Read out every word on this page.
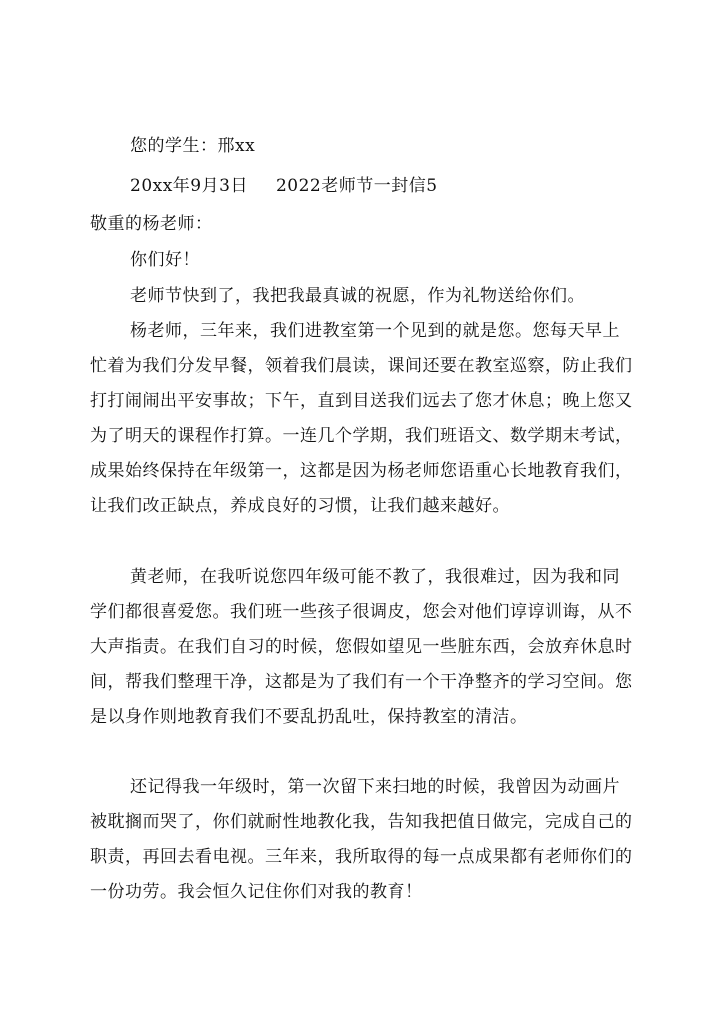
您的学生：邢xx
20xx年9月3日 2022老师节一封信5
敬重的杨老师：
你们好！
老师节快到了，我把我最真诚的祝愿，作为礼物送给你们。
杨老师，三年来，我们进教室第一个见到的就是您。您每天早上忙着为我们分发早餐，领着我们晨读，课间还要在教室巡察，防止我们打打闹闹出平安事故；下午，直到目送我们远去了您才休息；晚上您又为了明天的课程作打算。一连几个学期，我们班语文、数学期末考试，成果始终保持在年级第一，这都是因为杨老师您语重心长地教育我们，让我们改正缺点，养成良好的习惯，让我们越来越好。
黄老师，在我听说您四年级可能不教了，我很难过，因为我和同学们都很喜爱您。我们班一些孩子很调皮，您会对他们谆谆训诲，从不大声指责。在我们自习的时候，您假如望见一些脏东西，会放弃休息时间，帮我们整理干净，这都是为了我们有一个干净整齐的学习空间。您是以身作则地教育我们不要乱扔乱吐，保持教室的清洁。
还记得我一年级时，第一次留下来扫地的时候，我曾因为动画片被耽搁而哭了，你们就耐性地教化我，告知我把值日做完，完成自己的职责，再回去看电视。三年来，我所取得的每一点成果都有老师你们的一份功劳。我会恒久记住你们对我的教育！
